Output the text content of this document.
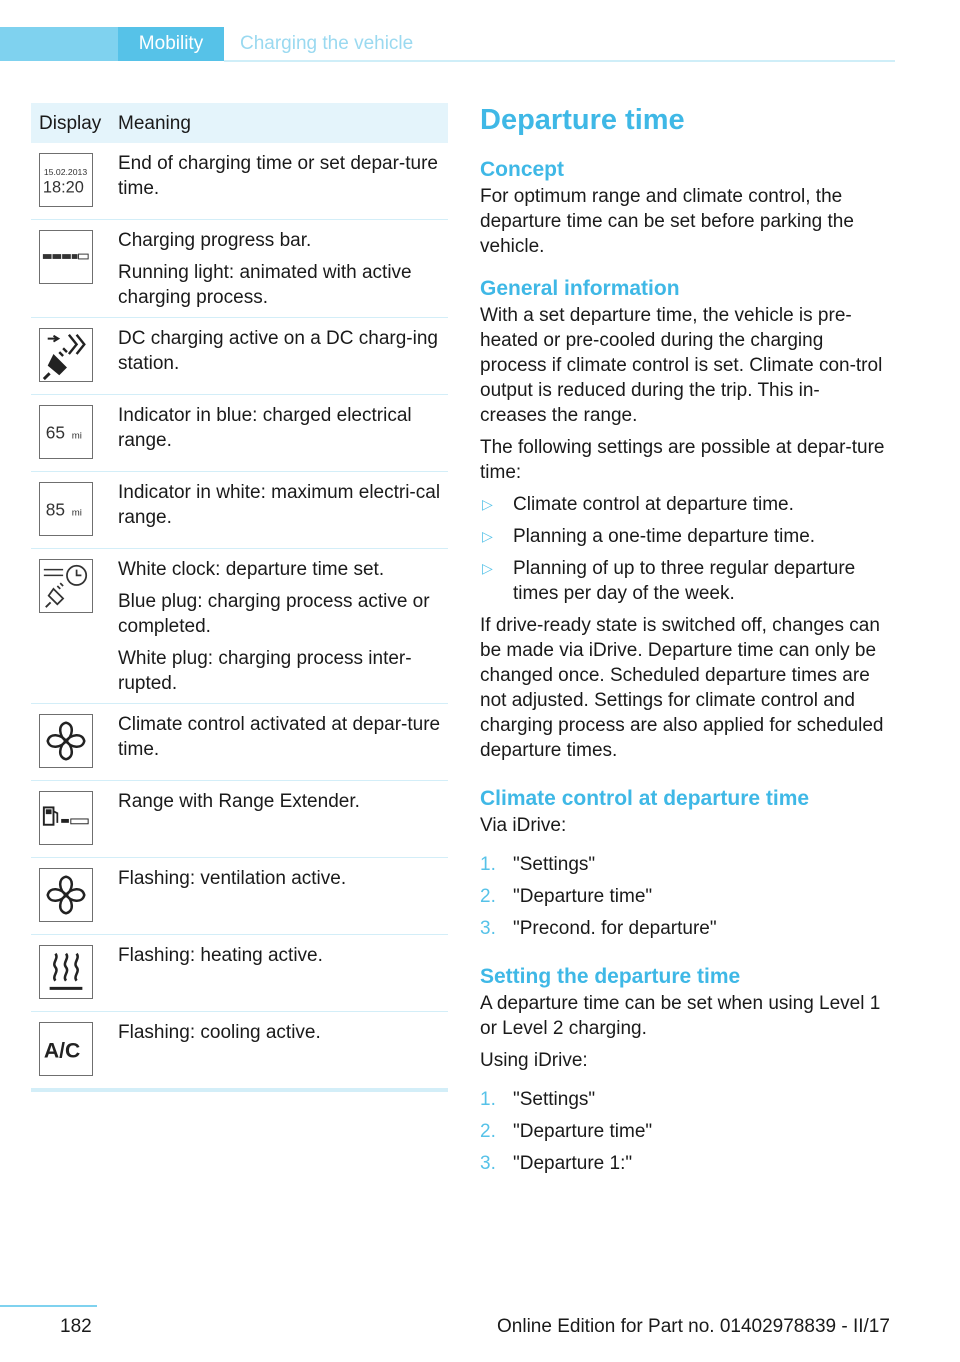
Mobility	Charging the vehicle
Display Meaning
15.02.2013
18:20

End of charging time or set depar-ture time.

Charging progress bar.

Running light: animated with active charging process.

DC charging active on a DC charg-ing station.

65 mi

Indicator in blue: charged electrical range.

85 mi

Indicator in white: maximum electri-cal range.

White clock: departure time set.

Blue plug: charging process active or completed.

White plug: charging process inter-rupted.

Climate control activated at depar-ture time.

Range with Range Extender.

Flashing: ventilation active.

Flashing: heating active.

A/C

Flashing: cooling active.

Departure time
Concept

For optimum range and climate control, the departure time can be set before parking the vehicle.

General information

With a set departure time, the vehicle is pre-heated or pre-cooled during the charging process if climate control is set. Climate con-trol output is reduced during the trip. This in-creases the range.

The following settings are possible at depar-ture time:

▷ Climate control at departure time.
▷ Planning a one-time departure time.
▷ Planning of up to three regular departure times per day of the week.

If drive-ready state is switched off, changes can be made via iDrive. Departure time can only be changed once. Scheduled departure times are not adjusted. Settings for climate control and charging process are also applied for scheduled departure times.

Climate control at departure time

Via iDrive:

1. "Settings"
2. "Departure time"
3. "Precond. for departure"
Setting the departure time

A departure time can be set when using Level 1 or Level 2 charging.

Using iDrive:

1. "Settings"
2. "Departure time"
3. "Departure 1:"
182	Online Edition for Part no. 01402978839 - II/17
